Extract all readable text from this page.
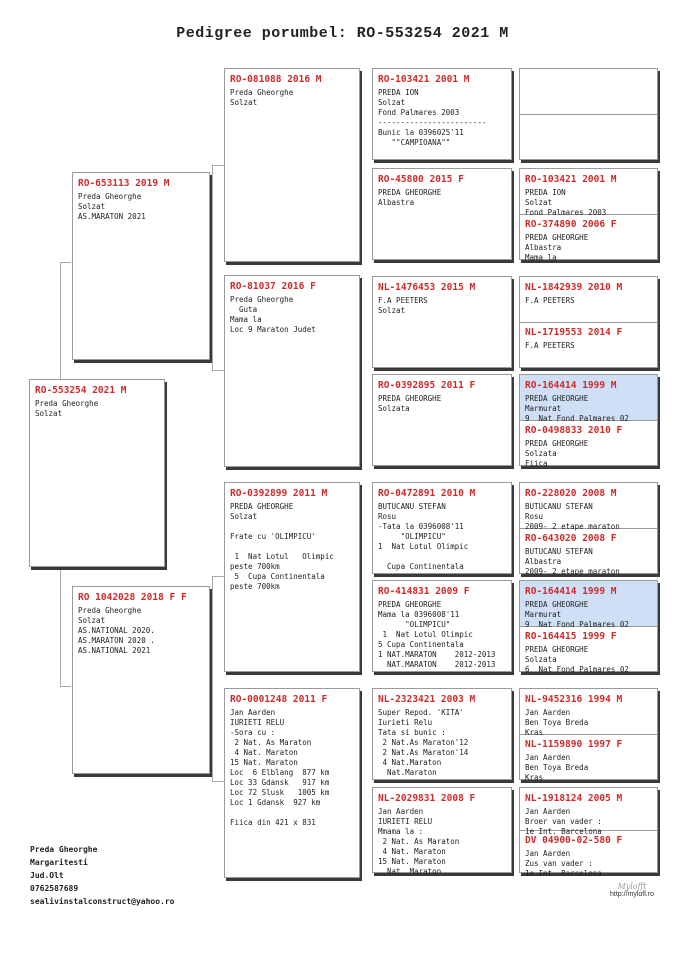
Pedigree porumbel: RO-553254 2021 M
RO-553254 2021 M
Preda Gheorghe
Solzat
RO-653113 2019 M
Preda Gheorghe
Solzat
AS.MARATON 2021
RO 1042028 2018 F F
Preda Gheorghe
Solzat
AS.NATIONAL 2020.
AS.MARATON 2020 .
AS.NATIONAL 2021
RO-081088 2016 M
Preda Gheorghe
Solzat
RO-81037 2016 F
Preda Gheorghe
Guta
Mama la
Loc 9 Maraton Judet
RO-0392899 2011 M
PREDA GHEORGHE
Solzat

Frate cu 'OLIMPICU'

1  Nat Lotul   Olimpic
peste 700km
5  Cupa Continentala
peste 700km
RO-0001248 2011 F
Jan Aarden
IURIETI RELU
-Sora cu :
2 Nat. As Maraton
4 Nat. Maraton
15 Nat. Maraton
Loc  6 Elblang  877 km
Loc 33 Gdansk   917 km
Loc 72 Slusk   1005 km
Loc 1 Gdansk  927 km

Fiica din 421 x 831
RO-103421 2001 M
PREDA ION
Solzat
Fond Palmares 2003
------------------------
Bunic la 0396025'11
""CAMPIOANA""
RO-45800 2015 F
PREDA GHEORGHE
Albastra
NL-1476453 2015 M
F.A PEETERS
Solzat
RO-0392895 2011 F
PREDA GHEORGHE
Solzata
RO-0472891 2010 M
BUTUCANU STEFAN
Rosu
-Tata la 0396008'11
"OLIMPICU"
1  Nat Lotul Olimpic

Cupa Continentala
RO-414831 2009 F
PREDA GHEORGHE
Mama la 0396008'11
"OLIMPICU"
1  Nat Lotul Olimpic
5 Cupa Continentala
1 NAT.MARATON    2012-2013
NAT.MARATON    2012-2013
NL-2323421 2003 M
Super Repod. 'KITA'
Iurieti Relu
Tata si bunic :
2 Nat.As Maraton'12
2 Nat.As Maraton'14
4 Nat.Maraton
Nat.Maraton
NL-2029831 2008 F
Jan Aarden
IURIETI RELU
Mmama la :
2 Nat. As Maraton
4 Nat. Maraton
15 Nat. Maraton
Nat. Maraton
RO-103421 2001 M
PREDA ION
Solzat
Fond Palmares 2003
RO-374890 2006 F
PREDA GHEORGHE
Albastra
Mama la
NL-1842939 2010 M
F.A PEETERS
NL-1719553 2014 F
F.A PEETERS
RO-164414 1999 M
PREDA GHEORGHE
Marmurat
9  Nat Fond Palmares 02
RO-0498833 2010 F
PREDA GHEORGHE
Solzata
Fiica
RO-228020 2008 M
BUTUCANU STEFAN
Rosu
2009- 2 etape maraton
RO-643020 2008 F
BUTUCANU STEFAN
Albastra
2009- 2 etape maraton
RO-164414 1999 M
PREDA GHEORGHE
Marmurat
9  Nat Fond Palmares 02
RO-164415 1999 F
PREDA GHEORGHE
Solzata
6  Nat Fond Palmares 02
NL-9452316 1994 M
Jan Aarden
Ben Toya Breda
Kras
NL-1159890 1997 F
Jan Aarden
Ben Toya Breda
Kras
NL-1918124 2005 M
Jan Aarden
Broer van vader :
1e Int. Barcelona
DV 04900-02-580 F
Jan Aarden
Zus van vader :
1e Int. Barcelona
Preda Gheorghe
Margaritesti
Jud.Olt
0762587689
sealivinstalconstruct@yahoo.ro
Mylofft
http://mylofl.ro
